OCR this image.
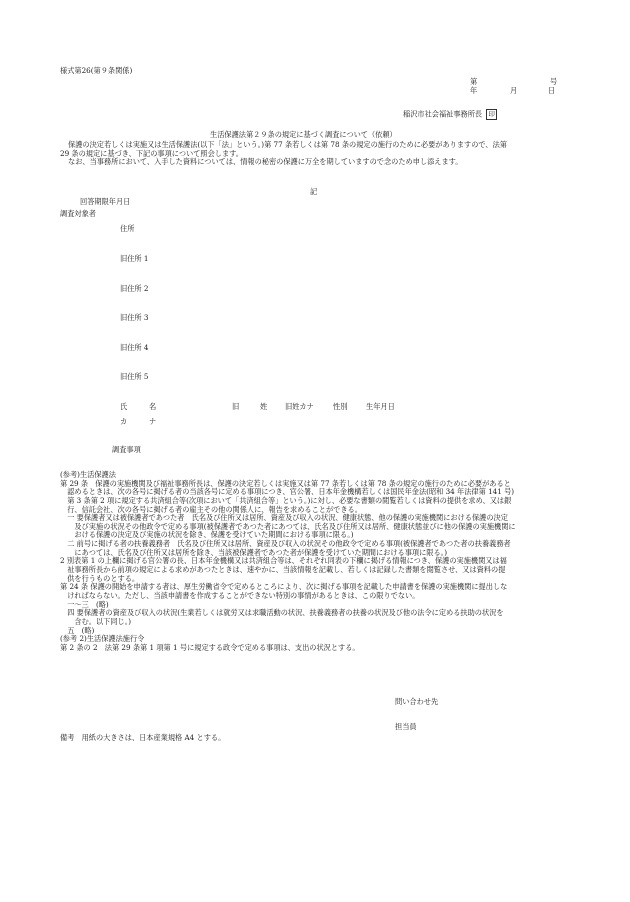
様式第26(第９条関係)
第	号
年	月	日
稲沢市社会福祉事務所長 印
生活保護法第２９条の規定に基づく調査について（依頼）
保護の決定若しくは実施又は生活保護法(以下「法」という。)第 77 条若しくは第 78 条の規定の施行のために必要がありますので、法第
29 条の規定に基づき、下記の事項について照会します。
なお、当事務所において、入手した資料については、情報の秘密の保護に万全を期していますので念のため申し添えます。
記
回答期限年月日
調査対象者
住所
旧住所 1
旧住所 2
旧住所 3
旧住所 4
旧住所 5
氏	名	旧	姓 旧姓カナ	性別	生年月日
カ	ナ
調査事項
(参考)生活保護法
第 29 条　保護の実施機関及び福祉事務所長は、保護の決定若しくは実施又は第 77 条若しくは第 78 条の規定の施行のために必要があると
　認めるときは、次の各号に掲げる者の当該各号に定める事項につき、官公署、日本年金機構若しくは国民年金法(昭和 34 年法律第 141 号)
　第 3 条第 2 項に規定する共済組合等(次項において「共済組合等」という。)に対し、必要な書類の閲覧若しくは資料の提供を求め、又は銀
　行、信託会社、次の各号に掲げる者の雇主その他の関係人に、報告を求めることができる。
　一 要保護者又は被保護者であつた者　氏名及び住所又は居所、資産及び収入の状況、健康状態、他の保護の実施機関における保護の決定
　　及び実施の状況その他政令で定める事項(被保護者であつた者にあつては、氏名及び住所又は居所、健康状態並びに他の保護の実施機関に
　　おける保護の決定及び実施の状況を除き、保護を受けていた期間における事項に限る。)
　二 前号に掲げる者の扶養義務者　氏名及び住所又は居所、資産及び収入の状況その他政令で定める事項(被保護者であつた者の扶養義務者
　　にあつては、氏名及び住所又は居所を除き、当該被保護者であつた者が保護を受けていた期間における事項に限る。)
2 別表第 1 の上欄に掲げる官公署の長、日本年金機構又は共済組合等は、それぞれ同表の下欄に掲げる情報につき、保護の実施機関又は福
　祉事務所長から前項の規定による求めがあつたときは、速やかに、当該情報を記載し、若しくは記録した書類を閲覧させ、又は資料の提
　供を行うものとする。
第 24 条 保護の開始を申請する者は、厚生労働省令で定めるところにより、次に掲げる事項を記載した申請書を保護の実施機関に提出しな
　ければならない。ただし、当該申請書を作成することができない特別の事情があるときは、この限りでない。
　一～三　(略)
　四 要保護者の資産及び収入の状況(生業若しくは就労又は求職活動の状況、扶養義務者の扶養の状況及び他の法令に定める扶助の状況を
　　含む。以下同じ。)
　五　(略)
(参考 2)生活保護法施行令
第 2 条の 2　法第 29 条第 1 項第 1 号に規定する政令で定める事項は、支出の状況とする。
問い合わせ先
担当員
備考　用紙の大きさは、日本産業規格 A4 とする。
